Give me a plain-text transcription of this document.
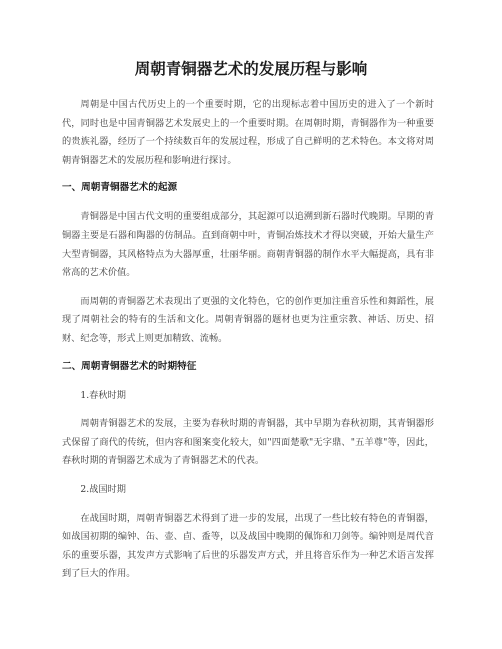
周朝青铜器艺术的发展历程与影响

周朝是中国古代历史上的一个重要时期，它的出现标志着中国历史的进入了一个新时代，同时也是中国青铜器艺术发展史上的一个重要时期。在周朝时期，青铜器作为一种重要的贵族礼器，经历了一个持续数百年的发展过程，形成了自己鲜明的艺术特色。本文将对周朝青铜器艺术的发展历程和影响进行探讨。

一、周朝青铜器艺术的起源

青铜器是中国古代文明的重要组成部分，其起源可以追溯到新石器时代晚期。早期的青铜器主要是石器和陶器的仿制品。直到商朝中叶，青铜冶炼技术才得以突破，开始大量生产大型青铜器，其风格特点为大器厚重，壮丽华丽。商朝青铜器的制作水平大幅提高，具有非常高的艺术价值。

而周朝的青铜器艺术表现出了更强的文化特色，它的创作更加注重音乐性和舞蹈性，展现了周朝社会的特有的生活和文化。周朝青铜器的题材也更为注重宗教、神话、历史、招财、纪念等，形式上则更加精致、流畅。

二、周朝青铜器艺术的时期特征

1.春秋时期

周朝青铜器艺术的发展，主要为春秋时期的青铜器，其中早期为春秋初期，其青铜器形式保留了商代的传统，但内容和图案变化较大，如"四面楚歌"无字鼎、"五羊尊"等，因此，春秋时期的青铜器艺术成为了青铜器艺术的代表。

2.战国时期

在战国时期，周朝青铜器艺术得到了进一步的发展，出现了一些比较有特色的青铜器，如战国初期的编钟、缶、壶、卣、盉等，以及战国中晚期的佩饰和刀剑等。编钟则是周代音乐的重要乐器，其发声方式影响了后世的乐器发声方式，并且将音乐作为一种艺术语言发挥到了巨大的作用。
